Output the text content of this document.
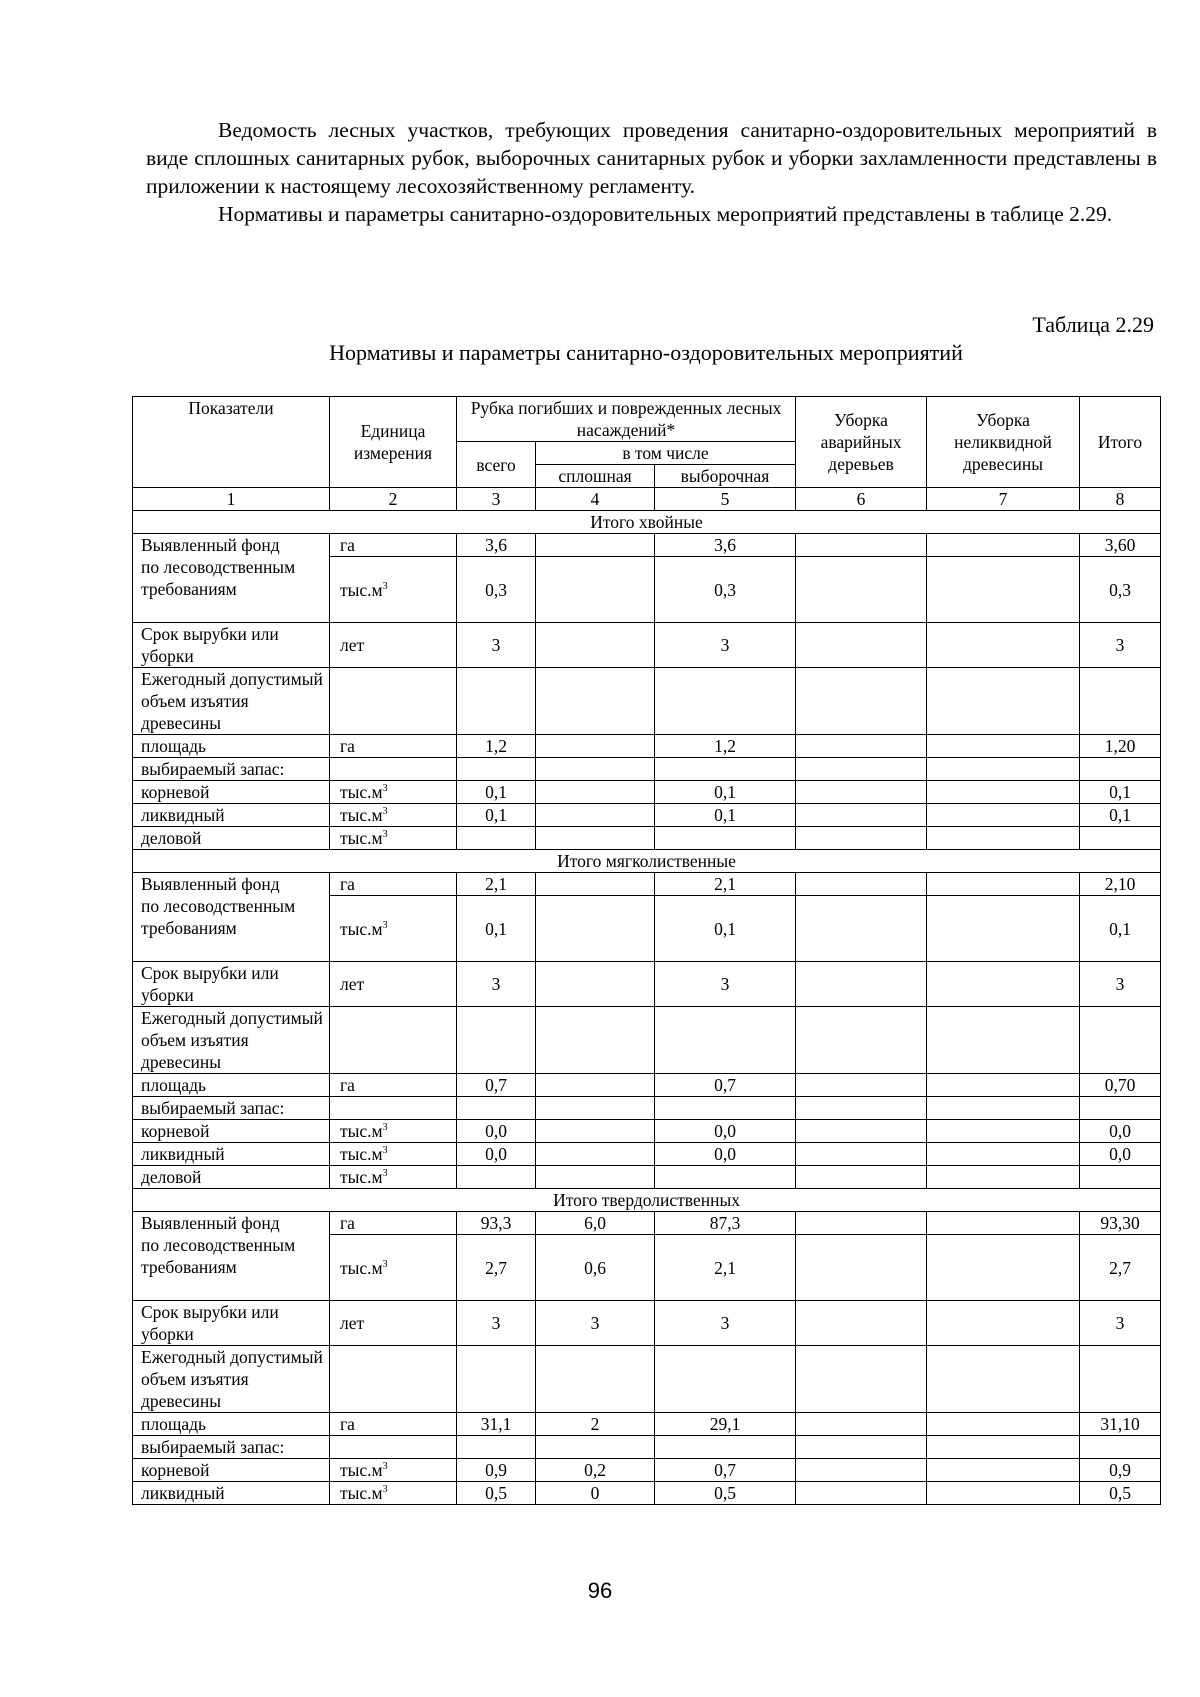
Ведомость лесных участков, требующих проведения санитарно-оздоровительных мероприятий в виде сплошных санитарных рубок, выборочных санитарных рубок и уборки захламленности представлены в приложении к настоящему лесохозяйственному регламенту.

Нормативы и параметры санитарно-оздоровительных мероприятий представлены в таблице 2.29.

Таблица 2.29
Нормативы и параметры санитарно-оздоровительных мероприятий
Показатели	Единица измерения	Рубка погибших и поврежденных лесных насаждений*			Уборка аварийных деревьев	Уборка неликвидной древесины	Итого

		всего	в том числе				
			сплошная	выборочная			
1	2	3	4	5	6	7	8
Итого хвойные							
Выявленный фонд
по лесоводственным требованиям	га	3,6		3,6			3,60
	$тыс.м^3$	0,3		0,3			0,3
Срок вырубки или уборки	лет	3		3			3
Ежегодный допустимый объем изъятия древесины							
площадь	га	1,2		1,2			1,20
выбираемый запас:							
корневой	$тыс.м^3$	0,1		0,1			0,1
ликвидный	$тыс.м^3$	0,1		0,1			0,1
деловой	$тыс.м^3$						
Итого мягколиственные							
Выявленный фонд
по лесоводственным требованиям	га	2,1		2,1			2,10
	$тыс.м^3$	0,1		0,1			0,1
Срок вырубки или уборки	лет	3		3			3
Ежегодный допустимый объем изъятия древесины							
площадь	га	0,7		0,7			0,70
выбираемый запас:							
корневой	$тыс.м^3$	0,0		0,0			0,0
ликвидный	$тыс.м^3$	0,0		0,0			0,0
деловой	$тыс.м^3$						
Итого твердолиственных							
Выявленный фонд
по лесоводственным требованиям	га	93,3	6,0	87,3			93,30
	$тыс.м^3$	2,7	0,6	2,1			2,7
Срок вырубки или уборки	лет	3	3	3			3
Ежегодный допустимый объем изъятия древесины							
площадь	га	31,1	2	29,1			31,10
выбираемый запас:							
корневой	$тыс.м^3$	0,9	0,2	0,7			0,9
ликвидный	$тыс.м^3$	0,5	0	0,5			0,5
96
